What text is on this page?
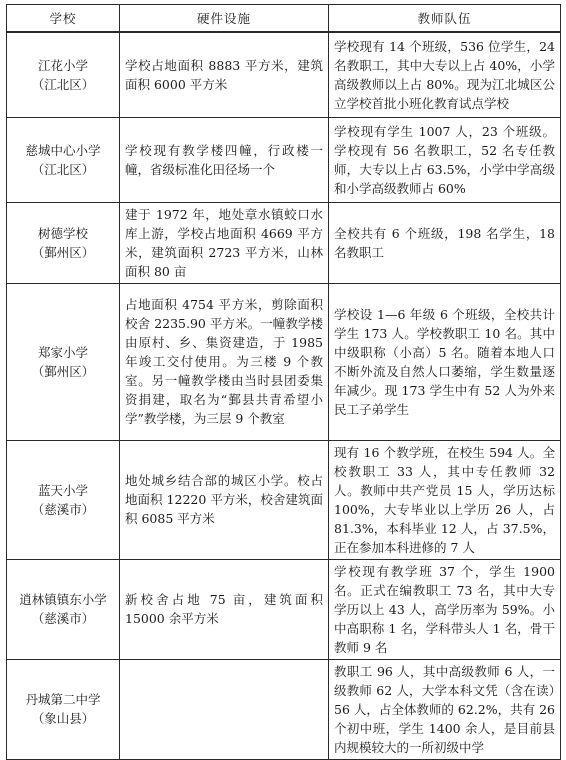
学校	硬件设施	教师队伍

江花小学
（江北区）	学校占地面积 8883 平方米，建筑面积 6000 平方米	学校现有 14 个班级，536 位学生，24 名教职工，其中大专以上占 40%，小学高级教师以上占 80%。现为江北城区公立学校首批小班化教育试点学校

慈城中心小学
（江北区）	学校现有教学楼四幢，行政楼一幢，省级标准化田径场一个	学校现有学生 1007 人，23 个班级。学校现有 56 名教职工，52 名专任教师，大专以上占 63.5%，小学中学高级和小学高级教师占 60%

树德学校
（鄞州区）	建于 1972 年，地处章水镇蛟口水库上游，学校占地面积 4669 平方米，建筑面积 2723 平方米，山林面积 80 亩	全校共有 6 个班级，198 名学生，18 名教职工

郑家小学
（鄞州区）	占地面积 4754 平方米，剪除面积校舍 2235.90 平方米。一幢教学楼由原村、乡、集资建造，于 1985 年竣工交付使用。为三楼 9 个教室。另一幢教学楼由当时县团委集资捐建，取名为“鄞县共青希望小学”教学楼，为三层 9 个教室	学校设 1—6 年级 6 个班级，全校共计学生 173 人。学校教职工 10 名。其中中级职称（小高）5 名。随着本地人口不断外流及自然人口萎缩，学生数量逐年减少。现 173 学生中有 52 人为外来民工子弟学生

蓝天小学
（慈溪市）	地处城乡结合部的城区小学。校占地面积 12220 平方米，校舍建筑面积 6085 平方米	现有 16 个教学班，在校生 594 人。全校教职工 33 人，其中专任教师 32 人。教师中共产党员 15 人，学历达标 100%，大专毕业以上学历 26 人，占 81.3%，本科毕业 12 人，占 37.5%，正在参加本科进修的 7 人

逍林镇镇东小学
（慈溪市）	新校舍占地 75 亩，建筑面积 15000 余平方米	学校现有教学班 37 个，学生 1900 名。正式在编教职工 73 名，其中大专学历以上 43 人，高学历率为 59%。小中高职称 1 名，学科带头人 1 名，骨干教师 9 名

丹城第二中学
（象山县）		教职工 96 人，其中高级教师 6 人，一级教师 62 人，大学本科文凭（含在读）56 人，占全体教师的 62.2%，共有 26 个初中班，学生 1400 余人，是目前县内规模较大的一所初级中学
